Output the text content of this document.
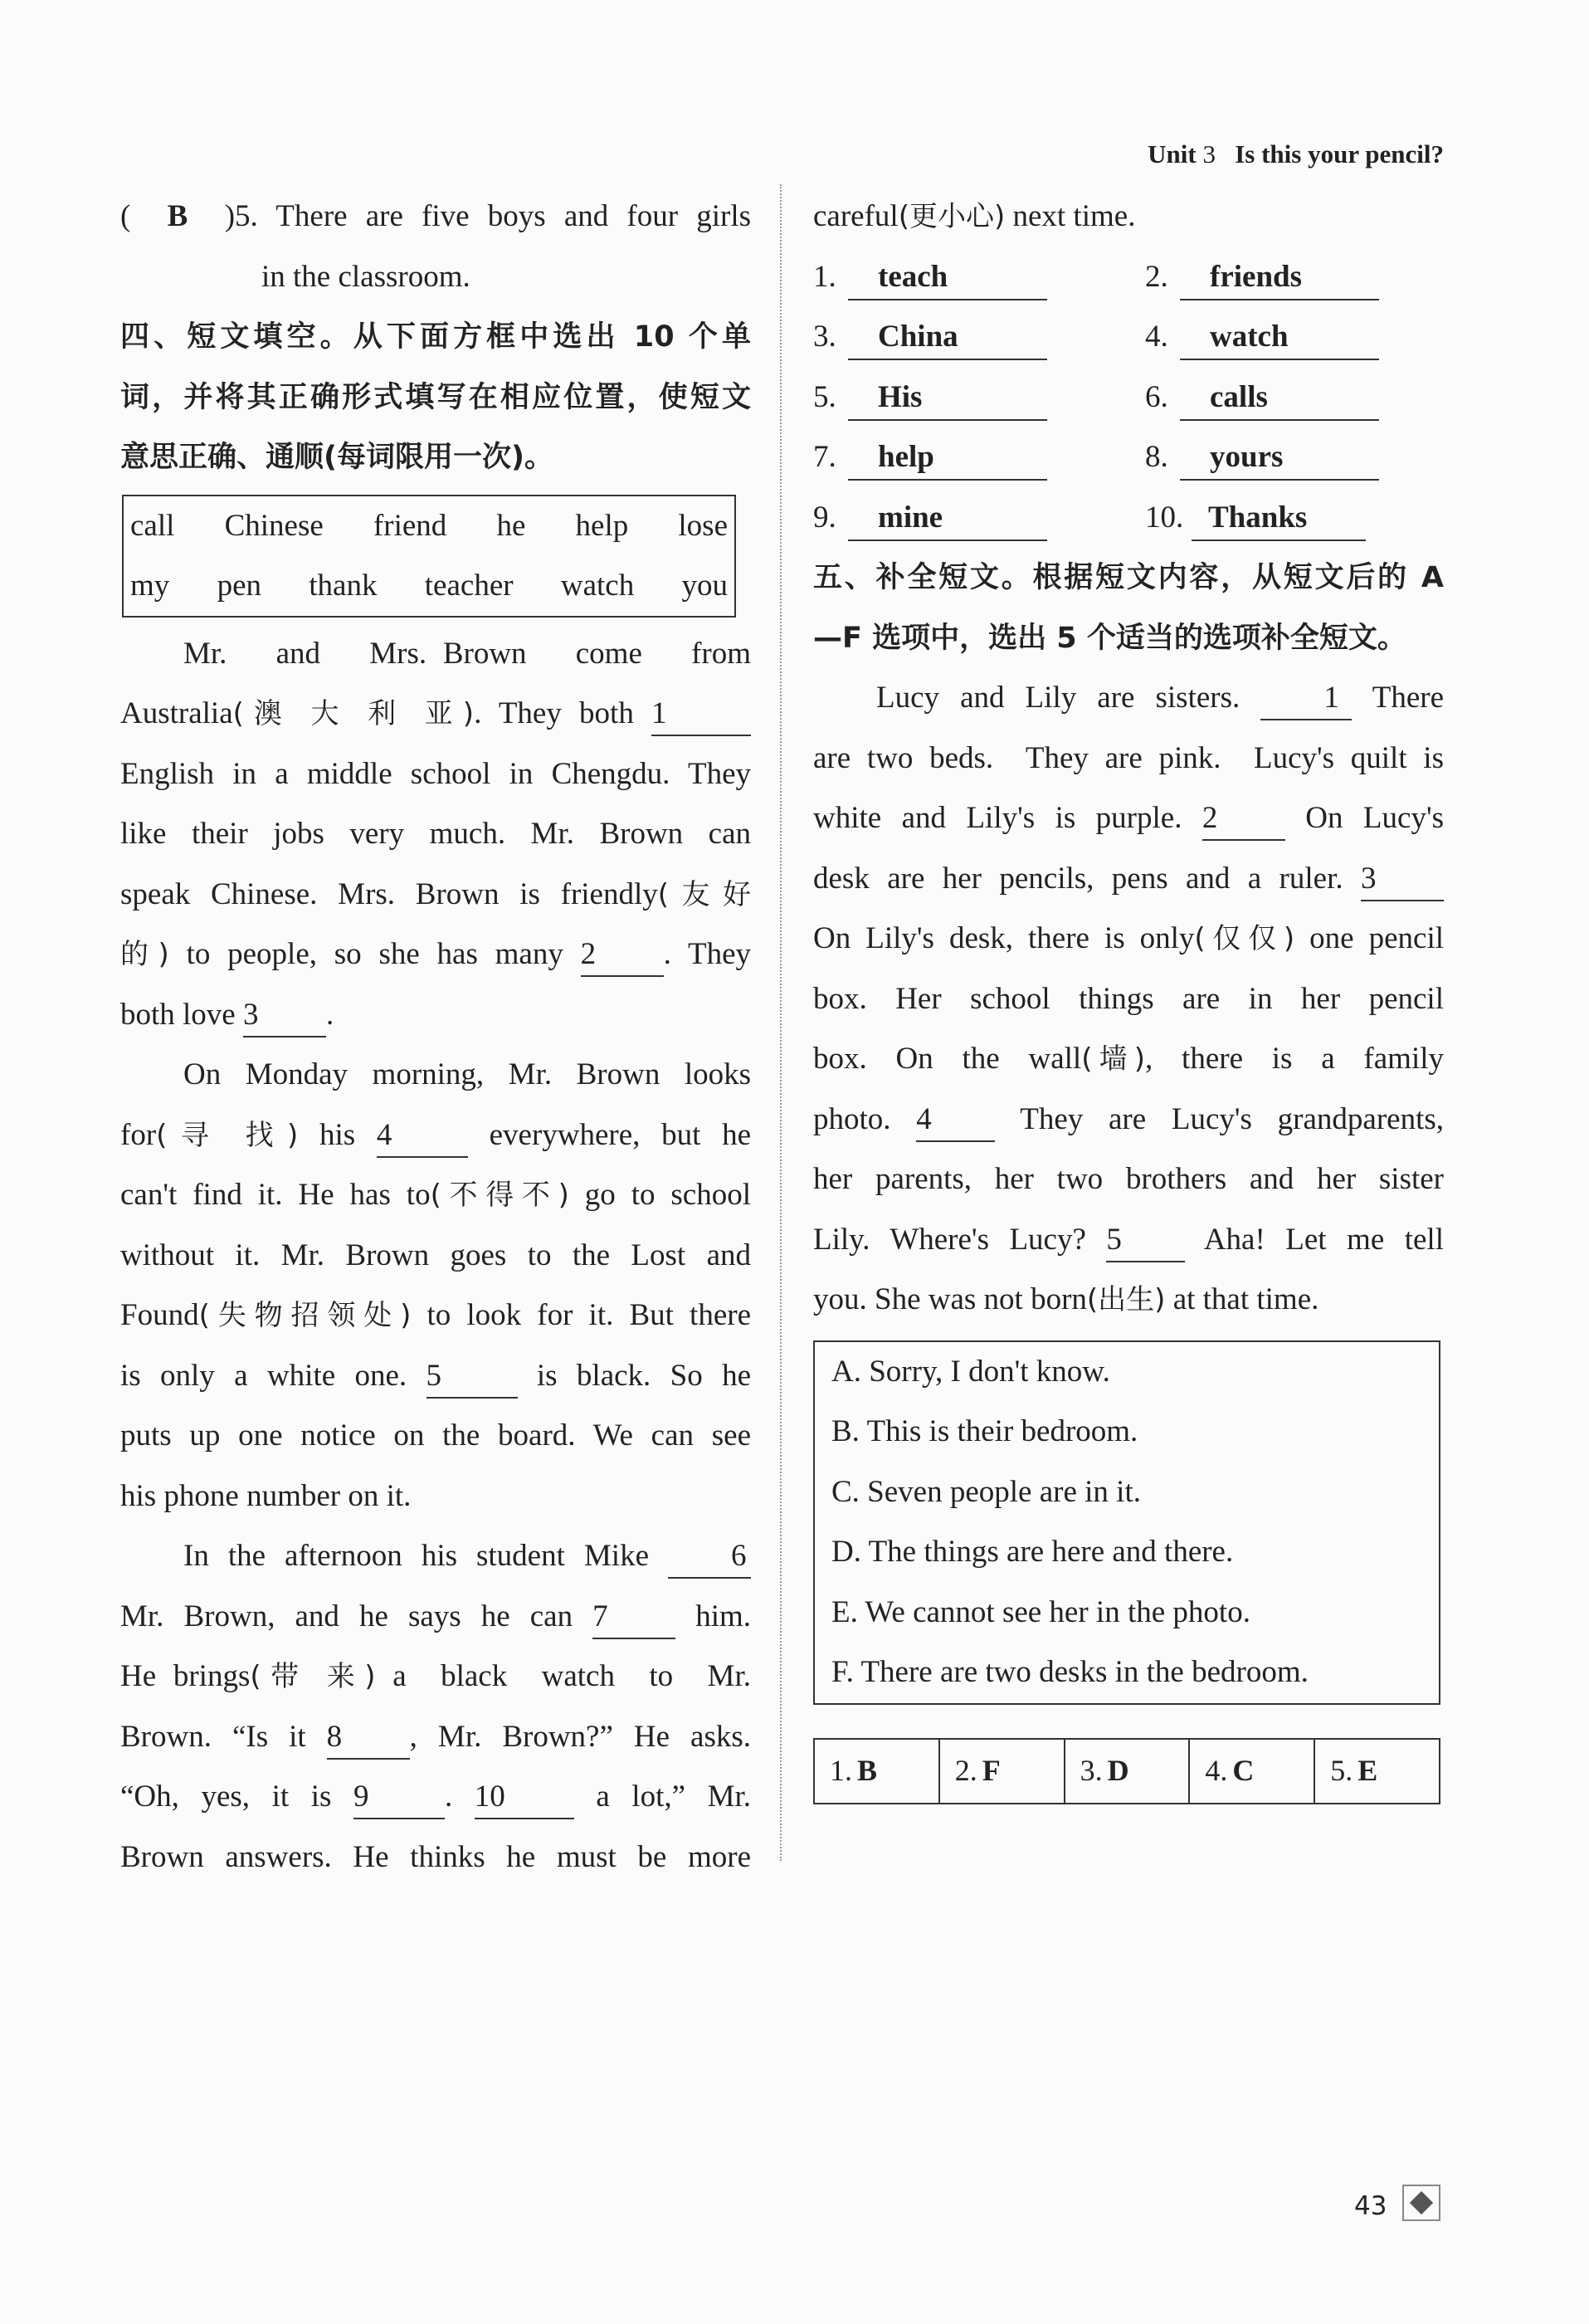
Unit 3 Is this your pencil?

(  B  )5. There are five boys and four girls

in the classroom.

四、短文填空。从下面方框中选出 10 个单

词，并将其正确形式填写在相应位置，使短文

意思正确、通顺(每词限用一次)。

call Chinese friend he help lose
my pen thank teacher watch you

Mr.   and   Mrs. Brown   come   from

Australia(澳 大 利 亚). They both 1

English in a middle school in Chengdu. They

like their jobs very much. Mr. Brown can

speak Chinese. Mrs. Brown is friendly(友好

的) to people, so she has many 2 . They

both love 3 .

On Monday morning, Mr. Brown looks

for(寻 找) his 4	everywhere, but he

can't find it. He has to(不得不) go to school

without it. Mr. Brown goes to the Lost and

Found(失物招领处) to look for it. But there

is only a white one. 5	is black. So he

puts up one notice on the board. We can see

his phone number on it.

In the afternoon his student Mike	6

Mr. Brown, and he says he can 7	him.

He brings(带 来) a  black  watch  to  Mr.

Brown. “Is it 8 , Mr. Brown?” He asks.

“Oh, yes, it is 9 . 10	a lot,” Mr.

Brown answers. He thinks he must be more

careful(更小心) next time.

1.	teach	2.	friends
3.	China	4.	watch
5.	His	6.	calls
7.	help	8.	yours
9.	mine	10. Thanks

五、补全短文。根据短文内容，从短文后的 A

—F 选项中，选出 5 个适当的选项补全短文。

Lucy and Lily are sisters.	1 There

are two beds.  They are pink.  Lucy's quilt is

white and Lily's is purple. 2	On Lucy's

desk are her pencils, pens and a ruler. 3

On Lily's desk, there is only(仅仅) one pencil

box.  Her  school  things  are  in  her  pencil

box.  On  the  wall(墙),  there  is  a  family

photo. 4	They are Lucy's grandparents,

her parents, her two brothers and her sister

Lily. Where's Lucy? 5	Aha! Let me tell

you. She was not born(出生) at that time.

A. Sorry, I don't know.
B. This is their bedroom.
C. Seven people are in it.
D. The things are here and there.
E. We cannot see her in the photo.
F. There are two desks in the bedroom.
1. B	2. F	3. D	4. C	5. E
43
